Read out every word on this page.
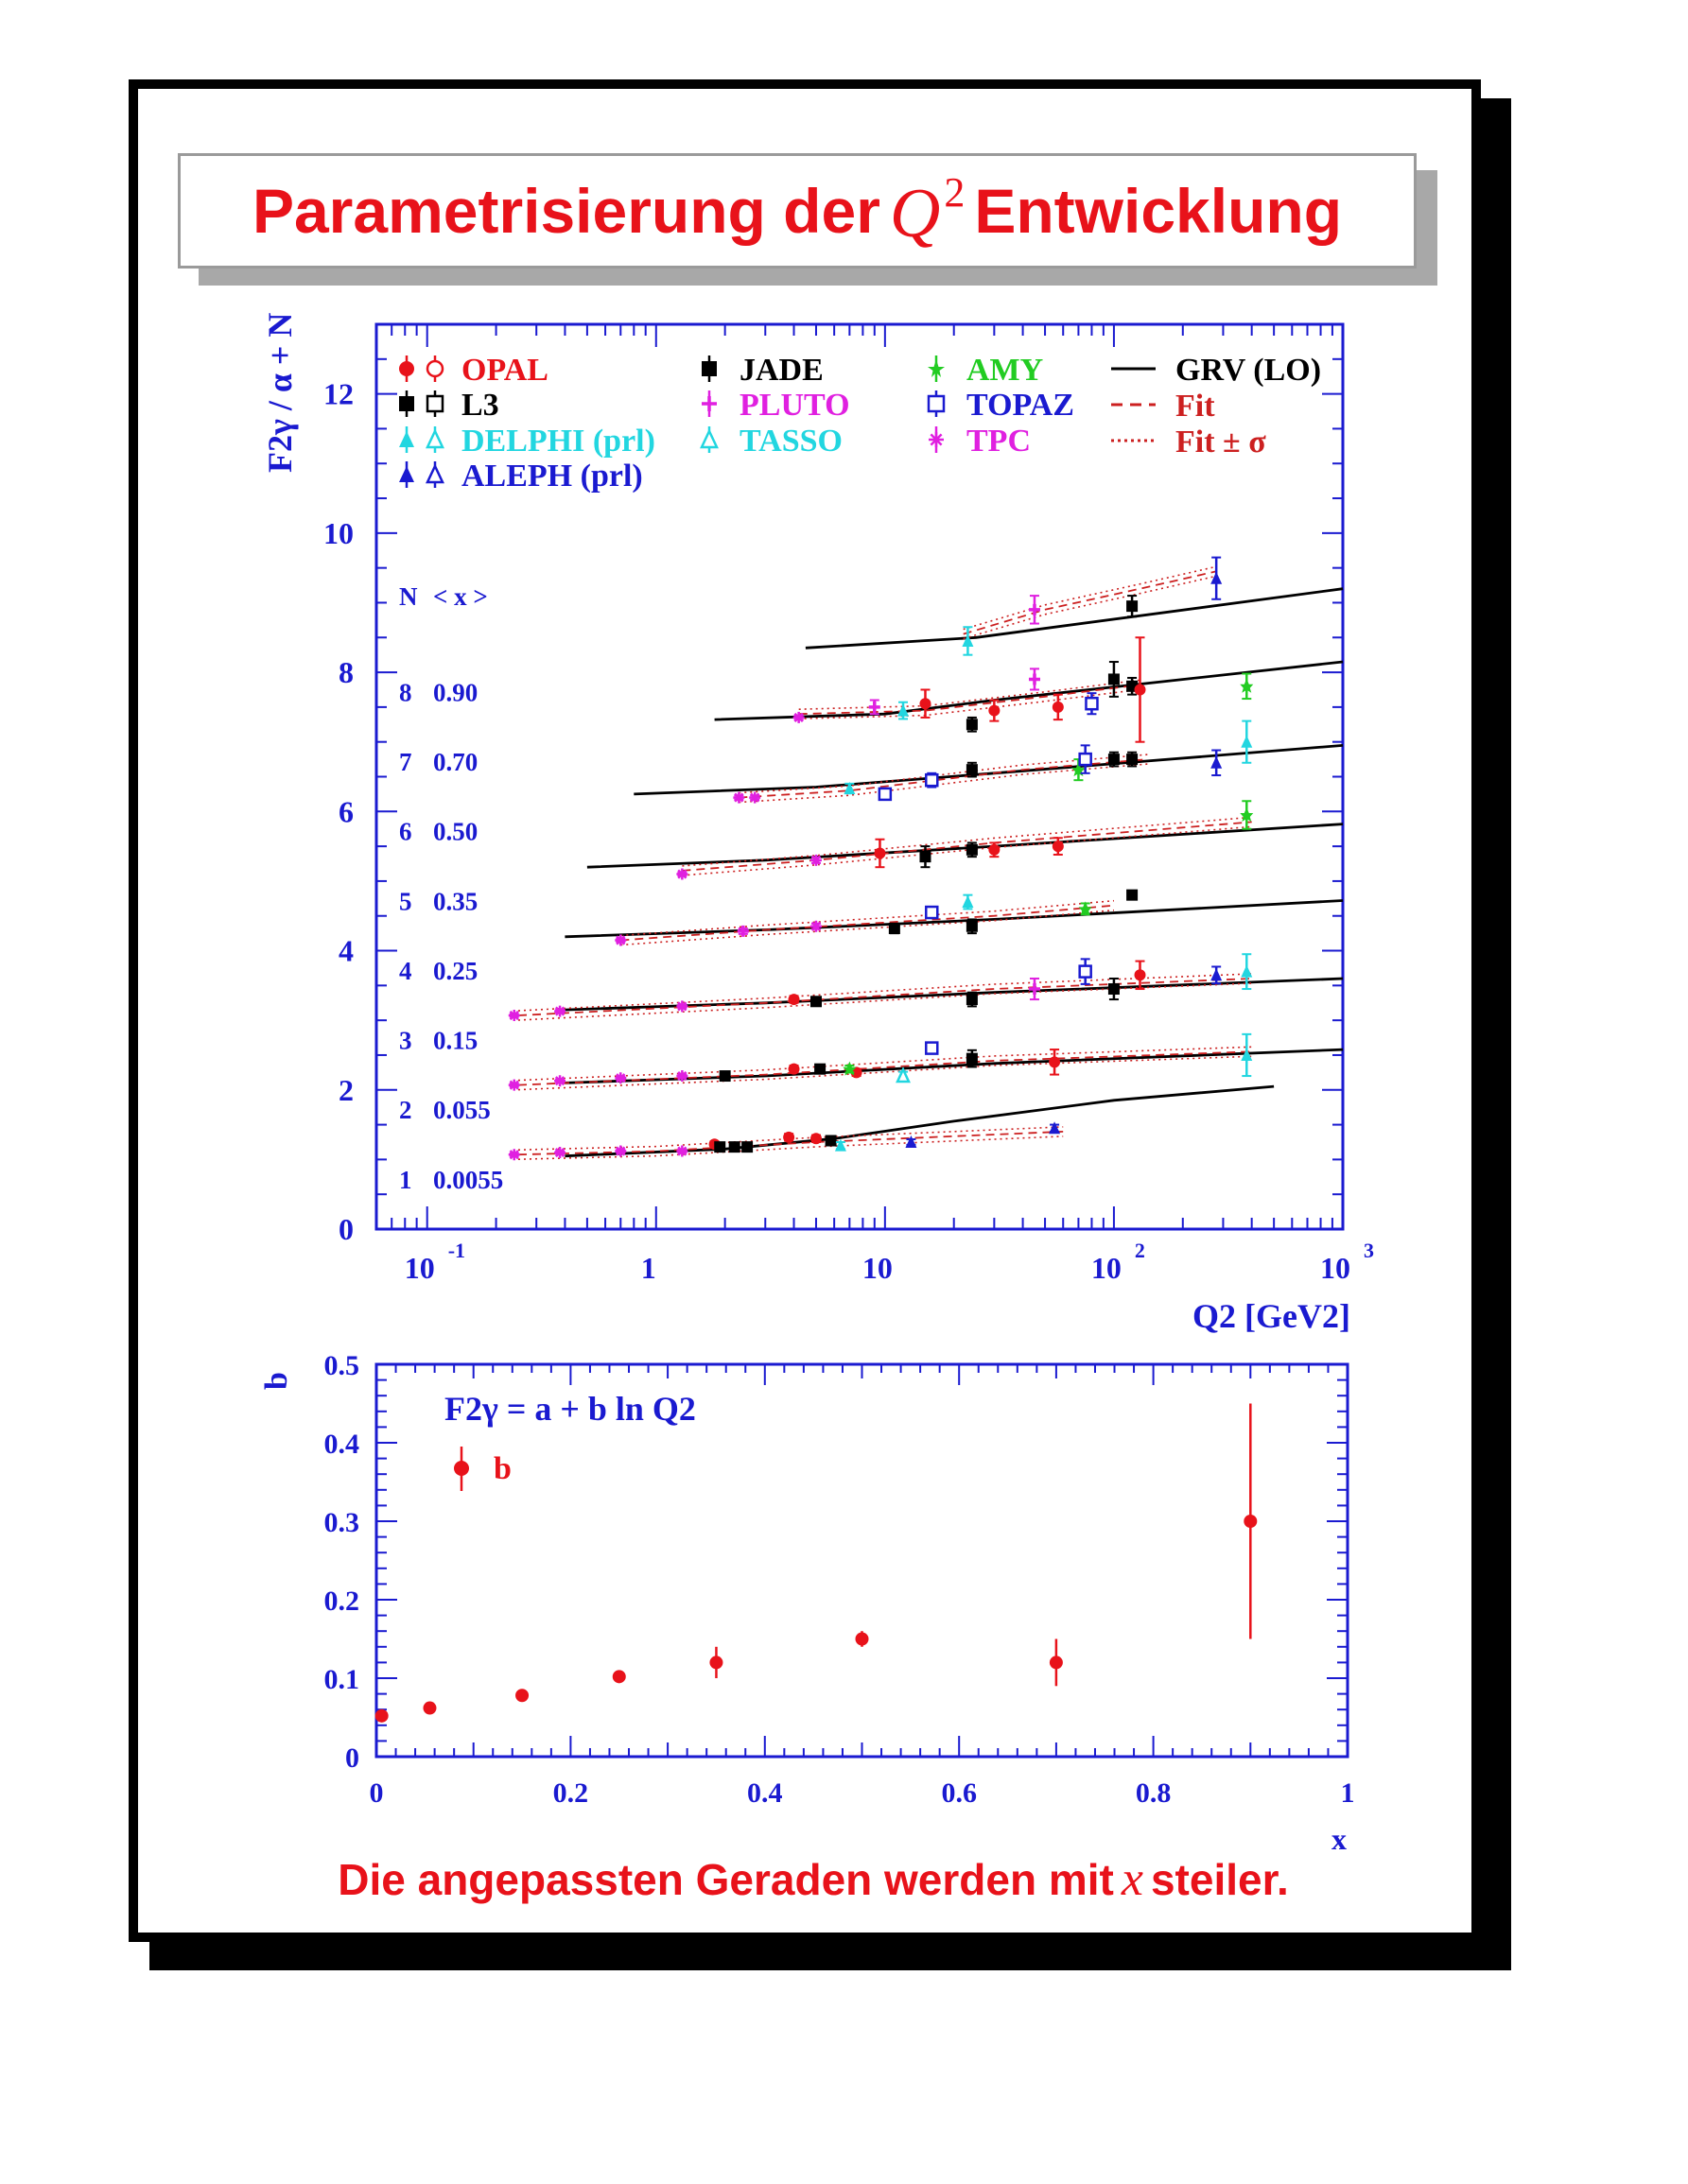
Parametrisierung der $Q^2$ Entwicklung
0
2
4
6
8
10
12
10
-1
1	10	10
2
10
3
Q2 [GeV2]
F2γ / α + N
N < x >
1 0.0055
2 0.055
3 0.15
4 0.25
5 0.35
6 0.50
7 0.70
8 0.90
OPAL
L3
DELPHI (prl)
ALEPH (prl)
JADE
PLUTO
TASSO
AMY
TOPAZ
TPC
GRV (LO)
Fit
Fit ± σ
0	0.2	0.4	0.6	0.8	1
0
0.1
0.2
0.3
0.4
0.5
x
b
F2γ = a + b ln Q2
b
Die angepassten Geraden werden mit x steiler.
